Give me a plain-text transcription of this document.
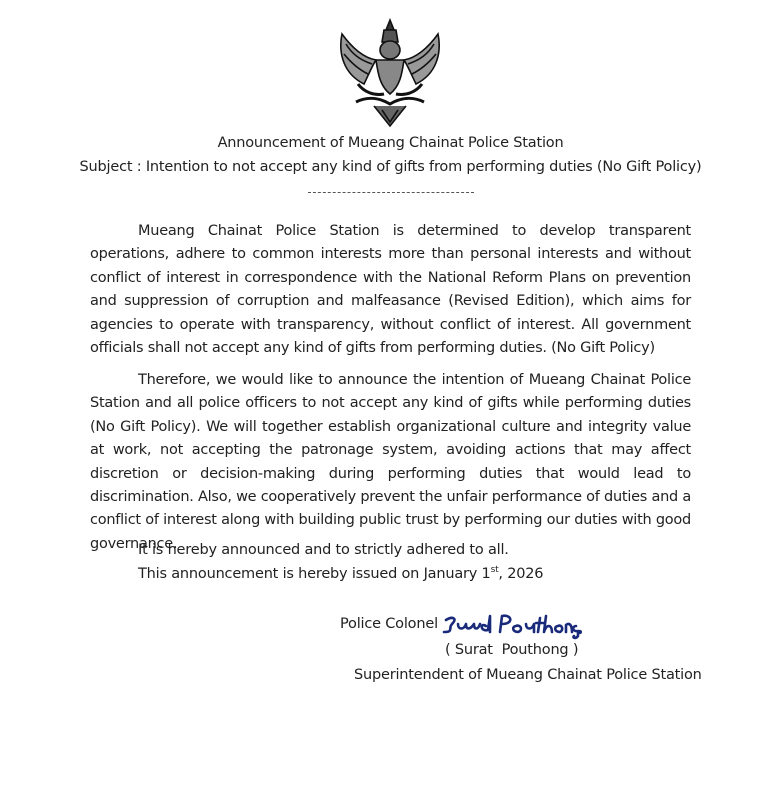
Announcement of Mueang Chainat Police Station
Subject : Intention to not accept any kind of gifts from performing duties (No Gift Policy)

Mueang Chainat Police Station is determined to develop transparent operations, adhere to common interests more than personal interests and without conflict of interest in correspondence with the National Reform Plans on prevention and suppression of corruption and malfeasance (Revised Edition), which aims for agencies to operate with transparency, without conflict of interest. All government officials shall not accept any kind of gifts from performing duties. (No Gift Policy)

Therefore, we would like to announce the intention of Mueang Chainat Police Station and all police officers to not accept any kind of gifts while performing duties (No Gift Policy). We will together establish organizational culture and integrity value at work, not accepting the patronage system, avoiding actions that may affect discretion or decision-making during performing duties that would lead to discrimination. Also, we cooperatively prevent the unfair performance of duties and a conflict of interest along with building public trust by performing our duties with good governance.

It is hereby announced and to strictly adhered to all.
This announcement is hereby issued on January 1st, 2026
Police Colonel
( Surat  Pouthong )
Superintendent of Mueang Chainat Police Station
